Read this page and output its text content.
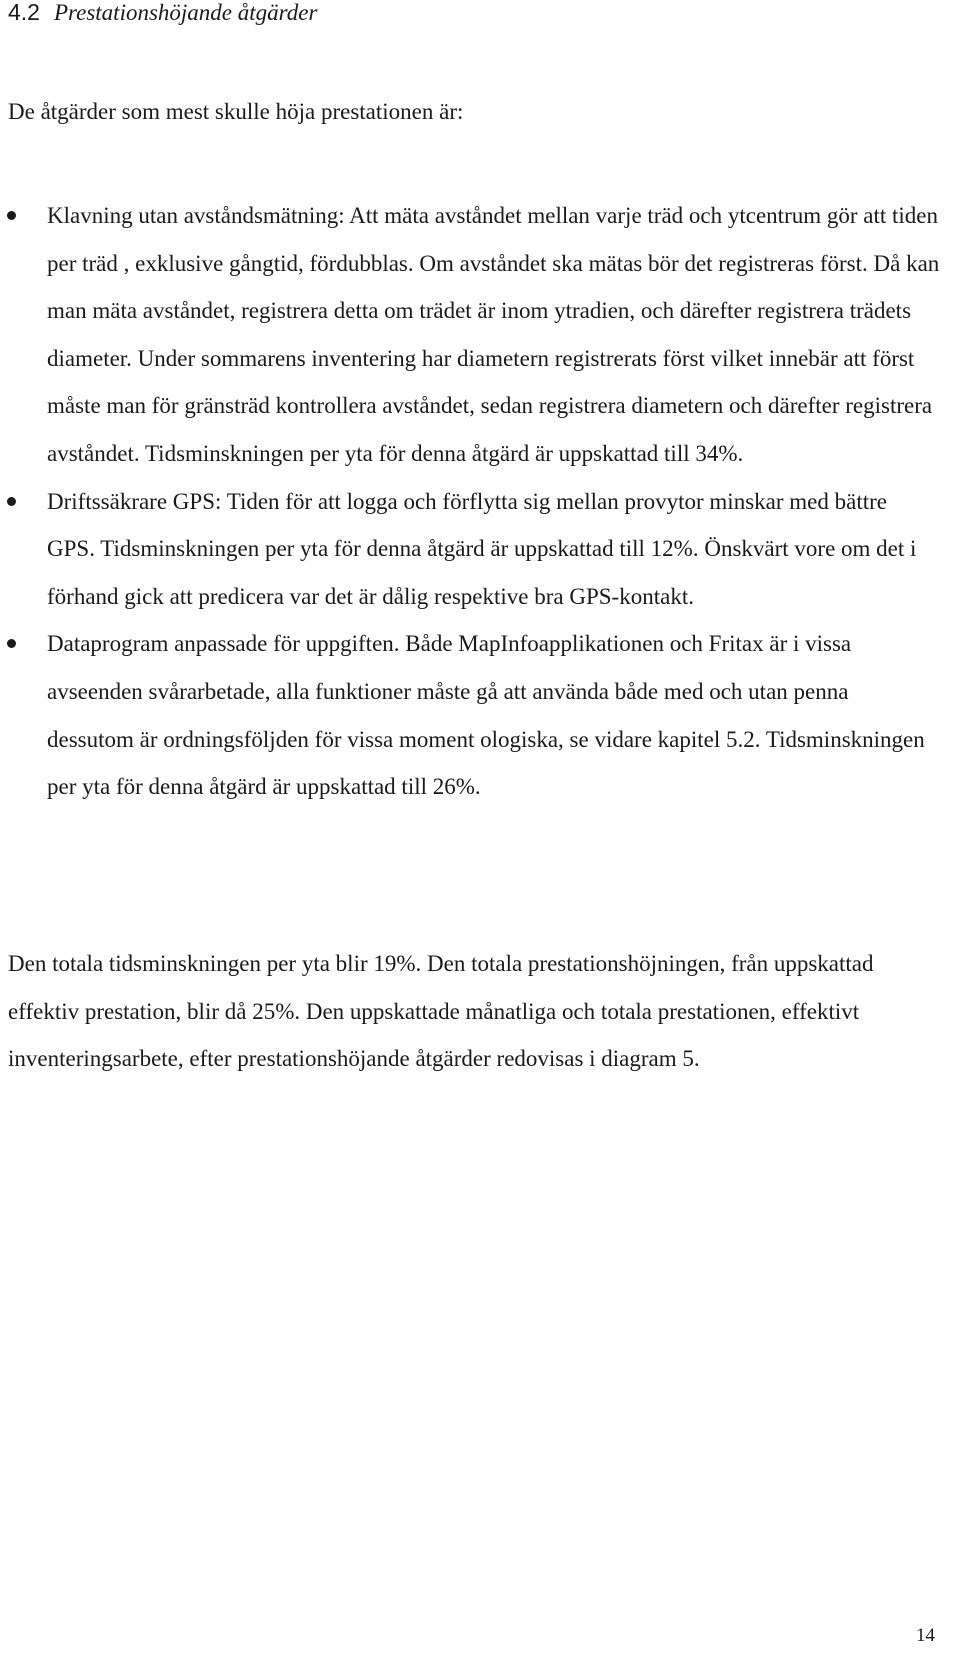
4.2 Prestationshöjande åtgärder

De åtgärder som mest skulle höja prestationen är:

Klavning utan avståndsmätning: Att mäta avståndet mellan varje träd och ytcentrum gör att tiden per träd , exklusive gångtid, fördubblas. Om avståndet ska mätas bör det registreras först. Då kan man mäta avståndet, registrera detta om trädet är inom ytradien, och därefter registrera trädets diameter. Under sommarens inventering har diametern registrerats först vilket innebär att först måste man för gränsträd kontrollera avståndet, sedan registrera diametern och därefter registrera avståndet. Tidsminskningen per yta för denna åtgärd är uppskattad till 34%.
Driftssäkrare GPS: Tiden för att logga och förflytta sig mellan provytor minskar med bättre GPS. Tidsminskningen per yta för denna åtgärd är uppskattad till 12%. Önskvärt vore om det i förhand gick att predicera var det är dålig respektive bra GPS-kontakt.
Dataprogram anpassade för uppgiften. Både MapInfoapplikationen och Fritax är i vissa avseenden svårarbetade, alla funktioner måste gå att använda både med och utan penna dessutom är ordningsföljden för vissa moment ologiska, se vidare kapitel 5.2. Tidsminskningen per yta för denna åtgärd är uppskattad till 26%.

Den totala tidsminskningen per yta blir 19%. Den totala prestationshöjningen, från uppskattad effektiv prestation, blir då 25%. Den uppskattade månatliga och totala prestationen, effektivt inventeringsarbete, efter prestationshöjande åtgärder redovisas i diagram 5.

14
